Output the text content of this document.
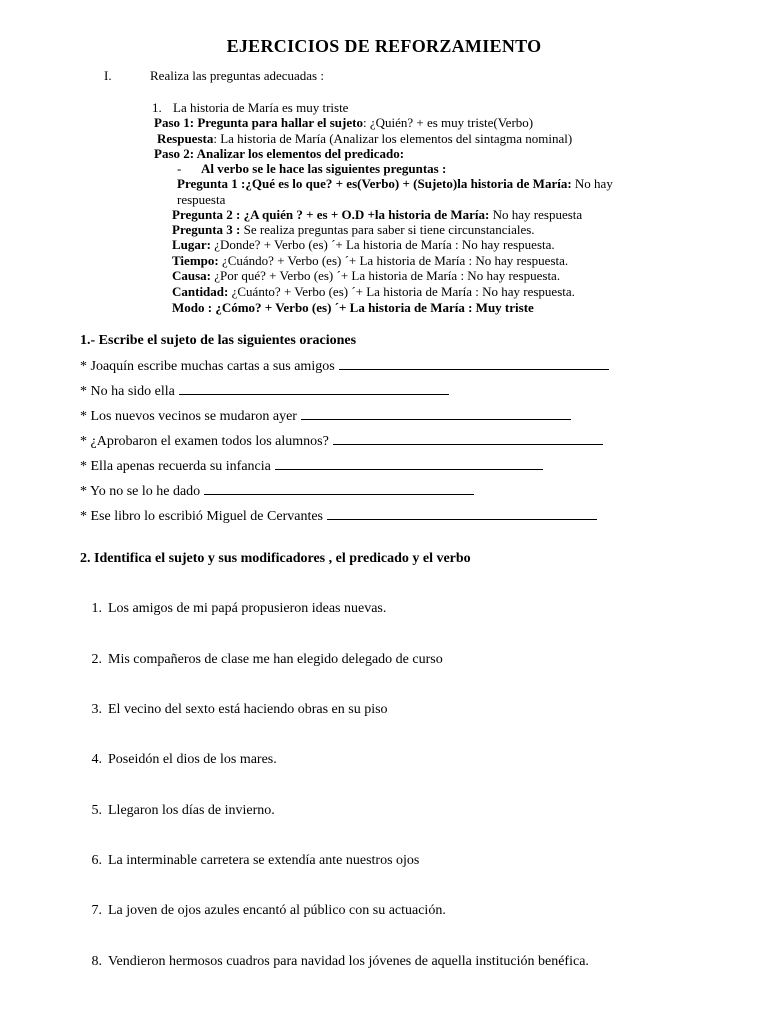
EJERCICIOS DE REFORZAMIENTO
I.	Realiza las preguntas adecuadas :
1. La historia de María es muy triste
Paso 1: Pregunta para hallar el sujeto: ¿Quién? + es muy triste(Verbo)
Respuesta: La historia de María (Analizar los elementos del sintagma nominal)
Paso 2: Analizar los elementos del predicado:
- Al verbo se le hace las siguientes preguntas :
Pregunta 1 :¿Qué es lo que? + es(Verbo) + (Sujeto)la historia de María: No hay
respuesta
Pregunta 2 : ¿A quién ? + es + O.D +la historia de María: No hay respuesta
Pregunta 3 : Se realiza preguntas para saber si tiene circunstanciales.
Lugar: ¿Donde? + Verbo (es) ´+ La historia de María : No hay respuesta.
Tiempo: ¿Cuándo? + Verbo (es) ´+ La historia de María : No hay respuesta.
Causa: ¿Por qué? + Verbo (es) ´+ La historia de María : No hay respuesta.
Cantidad: ¿Cuánto? + Verbo (es) ´+ La historia de María : No hay respuesta.
Modo : ¿Cómo? + Verbo (es) ´+ La historia de María : Muy triste
1.- Escribe el sujeto de las siguientes oraciones
* Joaquín escribe muchas cartas a sus amigos
* No ha sido ella
* Los nuevos vecinos se mudaron ayer
* ¿Aprobaron el examen todos los alumnos?
* Ella apenas recuerda su infancia
* Yo no se lo he dado
* Ese libro lo escribió Miguel de Cervantes
2. Identifica el sujeto y sus modificadores , el predicado y el verbo
1. Los amigos de mi papá propusieron ideas nuevas.
2. Mis compañeros de clase me han elegido delegado de curso
3. El vecino del sexto está haciendo obras en su piso
4. Poseidón el dios de los mares.
5. Llegaron los días de invierno.
6. La interminable carretera se extendía ante nuestros ojos
7. La joven de ojos azules encantó al público con su actuación.
8. Vendieron hermosos cuadros para navidad los jóvenes de aquella institución benéfica.
